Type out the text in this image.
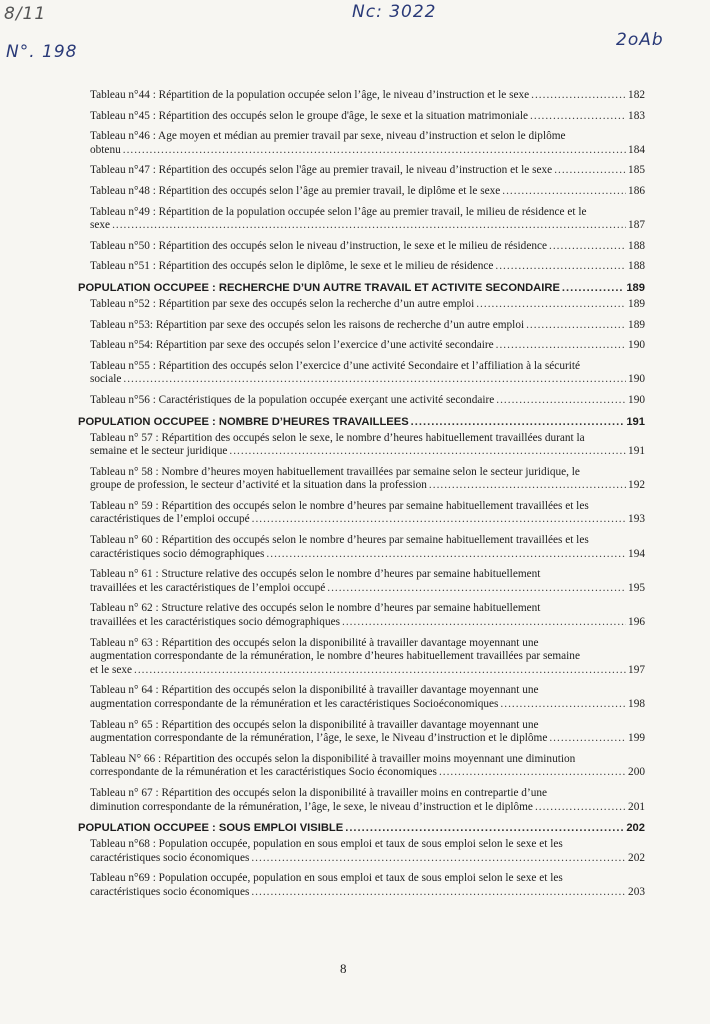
8/11
N°. 198
Nc: 3022
2oAb
Tableau n°44 : Répartition de la population occupée selon l’âge, le niveau d’instruction et le sexe .....	182
Tableau n°45 : Répartition des occupés selon le groupe d'âge, le sexe et la situation matrimoniale .....	183
Tableau n°46 : Age moyen et médian au premier travail par sexe, niveau d’instruction et selon le diplôme
obtenu .....	184
Tableau n°47 : Répartition des occupés selon l'âge au premier travail, le niveau d’instruction et le sexe .....	185
Tableau n°48 : Répartition des occupés selon l’âge au premier travail, le diplôme et le sexe .....	186
Tableau n°49 : Répartition de la population occupée selon l’âge au premier travail, le milieu de résidence et le
sexe .....	187
Tableau n°50 : Répartition des occupés selon le niveau d’instruction, le sexe et le milieu de résidence .....	188
Tableau n°51 : Répartition des occupés selon le diplôme, le sexe et le milieu de résidence .....	188
POPULATION OCCUPEE : RECHERCHE D’UN AUTRE TRAVAIL ET ACTIVITE SECONDAIRE .....	189
Tableau n°52 : Répartition par sexe des occupés selon la recherche d’un autre emploi .....	189
Tableau n°53: Répartition par sexe des occupés selon les raisons de recherche d’un autre emploi .....	189
Tableau n°54: Répartition par sexe des occupés selon l’exercice d’une activité secondaire .....	190
Tableau n°55 : Répartition des occupés selon l’exercice d’une activité Secondaire et l’affiliation à la sécurité
sociale .....	190
Tableau n°56 : Caractéristiques de la population occupée exerçant une activité secondaire .....	190
POPULATION OCCUPEE : NOMBRE D’HEURES TRAVAILLEES .....	191
Tableau n° 57 : Répartition des occupés selon le sexe, le nombre d’heures habituellement travaillées durant la
semaine et le secteur juridique .....	191
Tableau n° 58 : Nombre d’heures moyen habituellement travaillées par semaine selon le secteur juridique, le
groupe de profession, le secteur d’activité et la situation dans la profession .....	192
Tableau n° 59 : Répartition des occupés selon le nombre d’heures par semaine habituellement travaillées et les
caractéristiques de l’emploi occupé .....	193
Tableau n° 60 : Répartition des occupés selon le nombre d’heures par semaine habituellement travaillées et les
caractéristiques socio démographiques .....	194
Tableau n° 61 : Structure relative des occupés selon le nombre d’heures par semaine habituellement
travaillées et les caractéristiques de l’emploi occupé .....	195
Tableau n° 62 : Structure relative des occupés selon le nombre d’heures par semaine habituellement
travaillées et les caractéristiques socio démographiques .....	196
Tableau n° 63 : Répartition des occupés selon la disponibilité à travailler davantage moyennant une
augmentation correspondante de la rémunération, le nombre d’heures habituellement travaillées par semaine
et le sexe .....	197
Tableau n° 64 : Répartition des occupés selon la disponibilité à travailler davantage moyennant une
augmentation correspondante de la rémunération et les caractéristiques Socioéconomiques .....	198
Tableau n° 65 : Répartition des occupés selon la disponibilité à travailler davantage moyennant une
augmentation correspondante de la rémunération, l’âge, le sexe, le Niveau d’instruction et le diplôme .....	199
Tableau N° 66 : Répartition des occupés selon la disponibilité à travailler moins moyennant une diminution
correspondante de la rémunération et les caractéristiques Socio économiques .....	200
Tableau n° 67 : Répartition des occupés selon la disponibilité à travailler moins en contrepartie d’une
diminution correspondante de la rémunération, l’âge, le sexe, le niveau d’instruction et le diplôme .....	201
POPULATION OCCUPEE : SOUS EMPLOI VISIBLE .....	202
Tableau n°68 : Population occupée, population en sous emploi et taux de sous emploi selon le sexe et les
caractéristiques socio économiques .....	202
Tableau n°69 : Population occupée, population en sous emploi et taux de sous emploi selon le sexe et les
caractéristiques socio économiques .....	203
8
